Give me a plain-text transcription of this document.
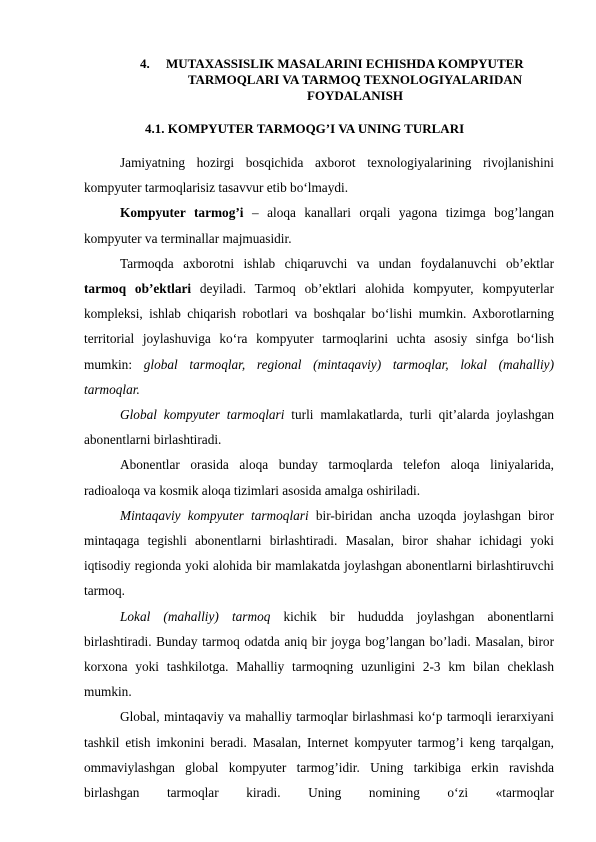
4. MUTAXASSISLIK MASALARINI ECHISHDA KOMPYUTER
TARMOQLARI VA TARMOQ TEXNOLOGIYALARIDAN FOYDALANISH
4.1. KOMPYUTER TARMOQG’I VA UNING TURLARI

Jamiyatning hozirgi bosqichida axborot texnologiyalarining rivojlanishini kompyuter tarmoqlarisiz tasavvur etib bo‘lmaydi.

Kompyuter tarmog’i – aloqa kanallari orqali yagona tizimga bog’langan kompyuter va terminallar majmuasidir.

Tarmoqda axborotni ishlab chiqaruvchi va undan foydalanuvchi ob’ektlar tarmoq ob’ektlari deyiladi. Tarmoq ob’ektlari alohida kompyuter, kompyuterlar kompleksi, ishlab chiqarish robotlari va boshqalar bo‘lishi mumkin. Axborotlarning territorial joylashuviga ko‘ra kompyuter tarmoqlarini uchta asosiy sinfga bo‘lish mumkin: global tarmoqlar, regional (mintaqaviy) tarmoqlar, lokal (mahalliy) tarmoqlar.

Global kompyuter tarmoqlari turli mamlakatlarda, turli qit’alarda joylashgan abonentlarni birlashtiradi.

Abonentlar orasida aloqa bunday tarmoqlarda telefon aloqa liniyalarida, radioaloqa va kosmik aloqa tizimlari asosida amalga oshiriladi.

Mintaqaviy kompyuter tarmoqlari bir-biridan ancha uzoqda joylashgan biror mintaqaga tegishli abonentlarni birlashtiradi. Masalan, biror shahar ichidagi yoki iqtisodiy regionda yoki alohida bir mamlakatda joylashgan abonentlarni birlashtiruvchi tarmoq.

Lokal (mahalliy) tarmoq kichik bir hududda joylashgan abonentlarni birlashtiradi. Bunday tarmoq odatda aniq bir joyga bog’langan bo’ladi. Masalan, biror korxona yoki tashkilotga. Mahalliy tarmoqning uzunligini 2-3 km bilan cheklash mumkin.

Global, mintaqaviy va mahalliy tarmoqlar birlashmasi ko‘p tarmoqli ierarxiyani tashkil etish imkonini beradi. Masalan, Internet kompyuter tarmog’i keng tarqalgan, ommaviylashgan global kompyuter tarmog’idir. Uning tarkibiga erkin ravishda birlashgan tarmoqlar kiradi. Uning nomining o‘zi «tarmoqlar
